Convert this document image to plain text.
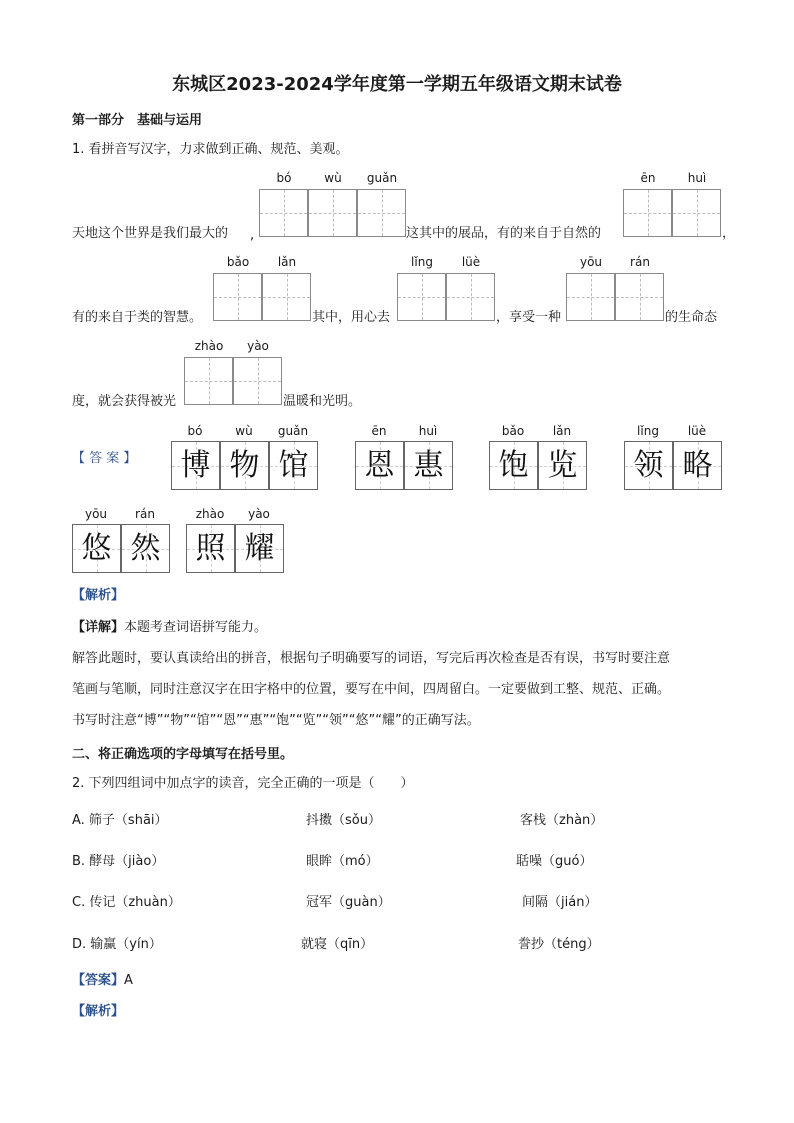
东城区2023-2024学年度第一学期五年级语文期末试卷
第一部分　基础与运用
1. 看拼音写汉字，力求做到正确、规范、美观。
bó	wù	guǎn
天地这个世界是我们最大的 ,	这其中的展品，有的来自于自然的
ēn	huì
，
bǎo	lǎn
有的来自于类的智慧。	其中，用心去
lǐng	lüè
，享受一种
yōu	rán
的生命态
zhào	yào
度，就会获得被光	温暖和光明。
【 答 案 】
bó	wù	guǎn
博 物 馆
ēn	huì
恩 惠
bǎo	lǎn
饱 览
lǐng	lüè
领 略
yōu	rán
悠 然
zhào	yào
照 耀
【解析】
【详解】本题考查词语拼写能力。
解答此题时，要认真读给出的拼音，根据句子明确要写的词语，写完后再次检查是否有误，书写时要注意
笔画与笔顺，同时注意汉字在田字格中的位置，要写在中间，四周留白。一定要做到工整、规范、正确。
书写时注意“博”“物”“馆”“恩”“惠”“饱”“览”“领”“悠”“耀”的正确写法。
二、将正确选项的字母填写在括号里。
2. 下列四组词中加点字的读音，完全正确的一项是（　　）
A. 筛子（shāi）	抖擞（sǒu）	客栈（zhàn）
B. 酵母（jiào）	眼眸（mó）	聒噪（guó）
C. 传记（zhuàn）	冠军（guàn）	间隔（jián）
D. 输赢（yín）	就寝（qīn）	誊抄（téng）
【答案】A
【解析】
